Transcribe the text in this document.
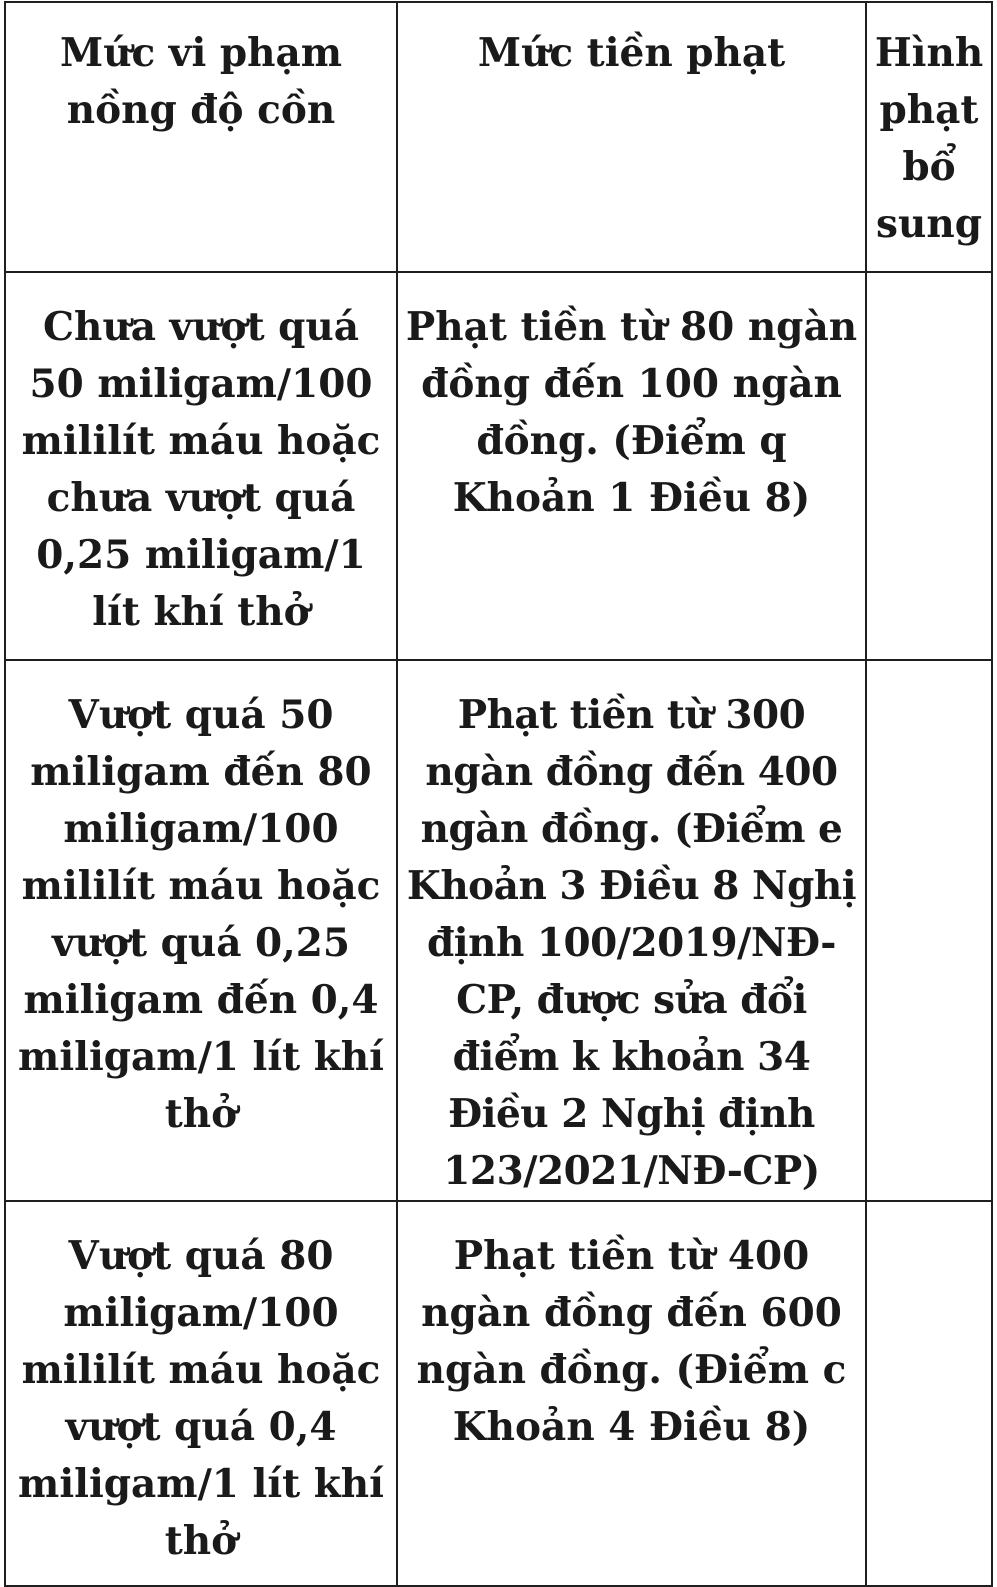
Mức vi phạm nồng độ cồn	Mức tiền phạt	Hình phạt bổ sung
Chưa vượt quá 50 miligam/100 mililít máu hoặc chưa vượt quá 0,25 miligam/1 lít khí thở	Phạt tiền từ 80 ngàn đồng đến 100 ngàn đồng. (Điểm q Khoản 1 Điều 8)	
Vượt quá 50 miligam đến 80 miligam/100 mililít máu hoặc vượt quá 0,25 miligam đến 0,4 miligam/1 lít khí thở	Phạt tiền từ 300 ngàn đồng đến 400 ngàn đồng. (Điểm e Khoản 3 Điều 8 Nghị định 100/2019/NĐ-CP, được sửa đổi điểm k khoản 34 Điều 2 Nghị định 123/2021/NĐ-CP)	
Vượt quá 80 miligam/100 mililít máu hoặc vượt quá 0,4 miligam/1 lít khí thở	Phạt tiền từ 400 ngàn đồng đến 600 ngàn đồng. (Điểm c Khoản 4 Điều 8)	
